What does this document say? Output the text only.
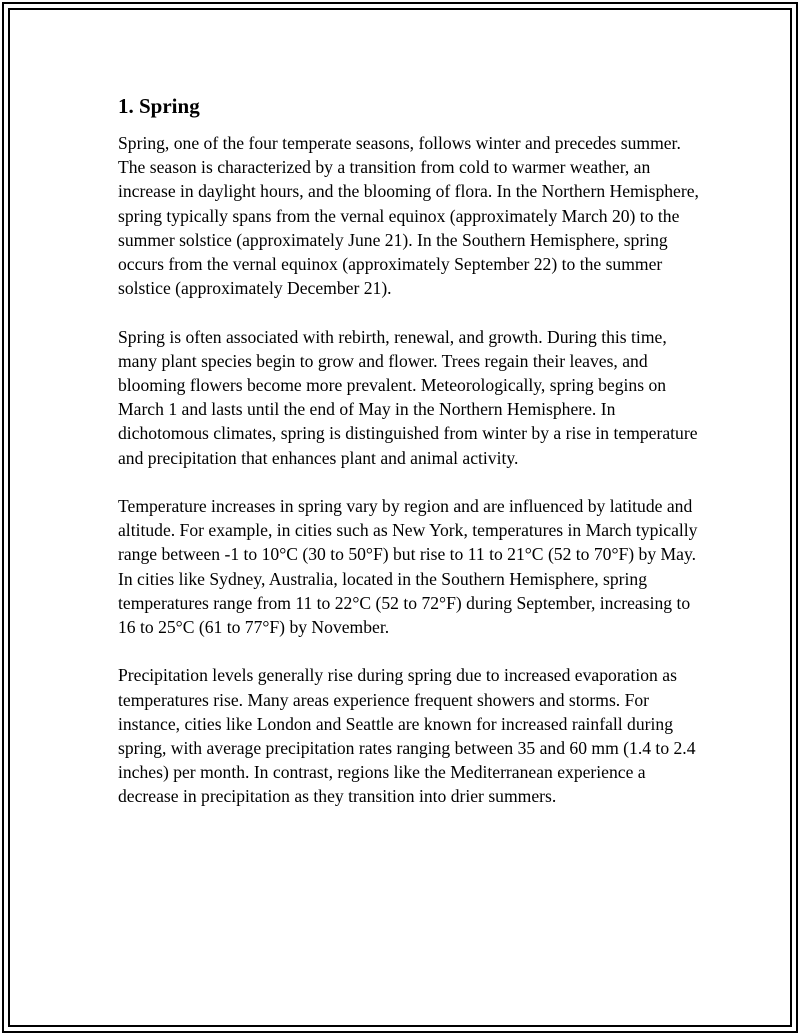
1. Spring

Spring, one of the four temperate seasons, follows winter and precedes summer. The season is characterized by a transition from cold to warmer weather, an increase in daylight hours, and the blooming of flora. In the Northern Hemisphere, spring typically spans from the vernal equinox (approximately March 20) to the summer solstice (approximately June 21). In the Southern Hemisphere, spring occurs from the vernal equinox (approximately September 22) to the summer solstice (approximately December 21).

Spring is often associated with rebirth, renewal, and growth. During this time, many plant species begin to grow and flower. Trees regain their leaves, and blooming flowers become more prevalent. Meteorologically, spring begins on March 1 and lasts until the end of May in the Northern Hemisphere. In dichotomous climates, spring is distinguished from winter by a rise in temperature and precipitation that enhances plant and animal activity.

Temperature increases in spring vary by region and are influenced by latitude and altitude. For example, in cities such as New York, temperatures in March typically range between -1 to 10°C (30 to 50°F) but rise to 11 to 21°C (52 to 70°F) by May. In cities like Sydney, Australia, located in the Southern Hemisphere, spring temperatures range from 11 to 22°C (52 to 72°F) during September, increasing to 16 to 25°C (61 to 77°F) by November.

Precipitation levels generally rise during spring due to increased evaporation as temperatures rise. Many areas experience frequent showers and storms. For instance, cities like London and Seattle are known for increased rainfall during spring, with average precipitation rates ranging between 35 and 60 mm (1.4 to 2.4 inches) per month. In contrast, regions like the Mediterranean experience a decrease in precipitation as they transition into drier summers.
